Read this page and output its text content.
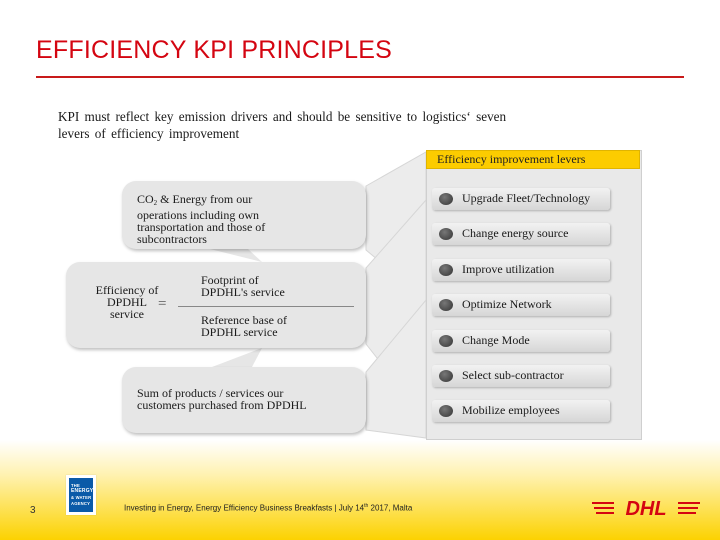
EFFICIENCY KPI PRINCIPLES
KPI must reflect key emission drivers and should be sensitive to logistics‘ seven
levers of efficiency improvement
CO2 & Energy from our operations including own transportation and those of subcontractors
Efficiency of DPDHL service
=
Footprint of DPDHL's service
Reference base of DPDHL service
Sum of products / services our customers purchased from DPDHL
Efficiency improvement levers
Upgrade Fleet/Technology
Change energy source
Improve utilization
Optimize Network
Change Mode
Select sub-contractor
Mobilize employees
3
THE
ENERGY
& WATER
AGENCY
Investing in Energy, Energy Efficiency Business Breakfasts | July 14th 2017, Malta	DHL
